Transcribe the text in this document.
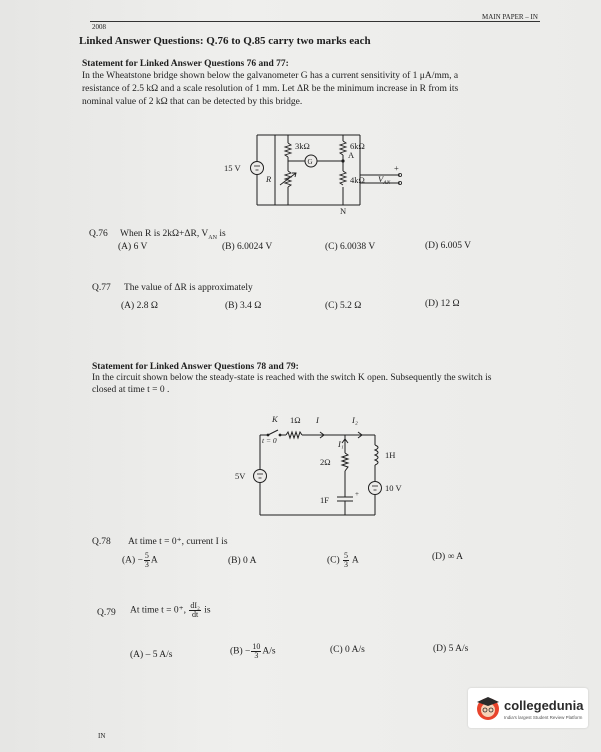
2008
MAIN PAPER – IN
Linked Answer Questions: Q.76 to Q.85 carry two marks each
Statement for Linked Answer Questions 76 and 77:
In the Wheatstone bridge shown below the galvanometer G has a current sensitivity of 1 μA/mm, a
resistance of 2.5 kΩ and a scale resolution of 1 mm. Let ΔR be the minimum increase in R from its
nominal value of 2 kΩ that can be detected by this bridge.
3kΩ	6kΩ
G
15 V
R
A
4kΩ
+
$V_{AN}$
N
Q.76 When R is 2kΩ+ΔR, $V_{AN}$ is
(A) 6 V	(B) 6.0024 V	(C) 6.0038 V	(D) 6.005 V
Q.77 The value of ΔR is approximately
(A) 2.8 Ω	(B) 3.4 Ω	(C) 5.2 Ω	(D) 12 Ω
Statement for Linked Answer Questions 78 and 79:
In the circuit shown below the steady-state is reached with the switch K open. Subsequently the switch is
closed at time t = 0 .
K 1Ω I	I₂
t = 0	I₁
2Ω
1H
5V
10 V
1F
+
Q.78 At time t = 0⁺, current I is
$(A) - \frac{5}{3}$ A	(B) 0 A	$(C) \frac{5}{3}$ A	(D) ∞ A
Q.79 At time t = 0⁺, $\frac{\text{dI₂}}{dt}$ is
(A) – 5 A/s	$(B) - \frac{10}{3} A/s$	(C) 0 A/s	(D) 5 A/s
IN
collegedunia
India's largest Student Review Platform
